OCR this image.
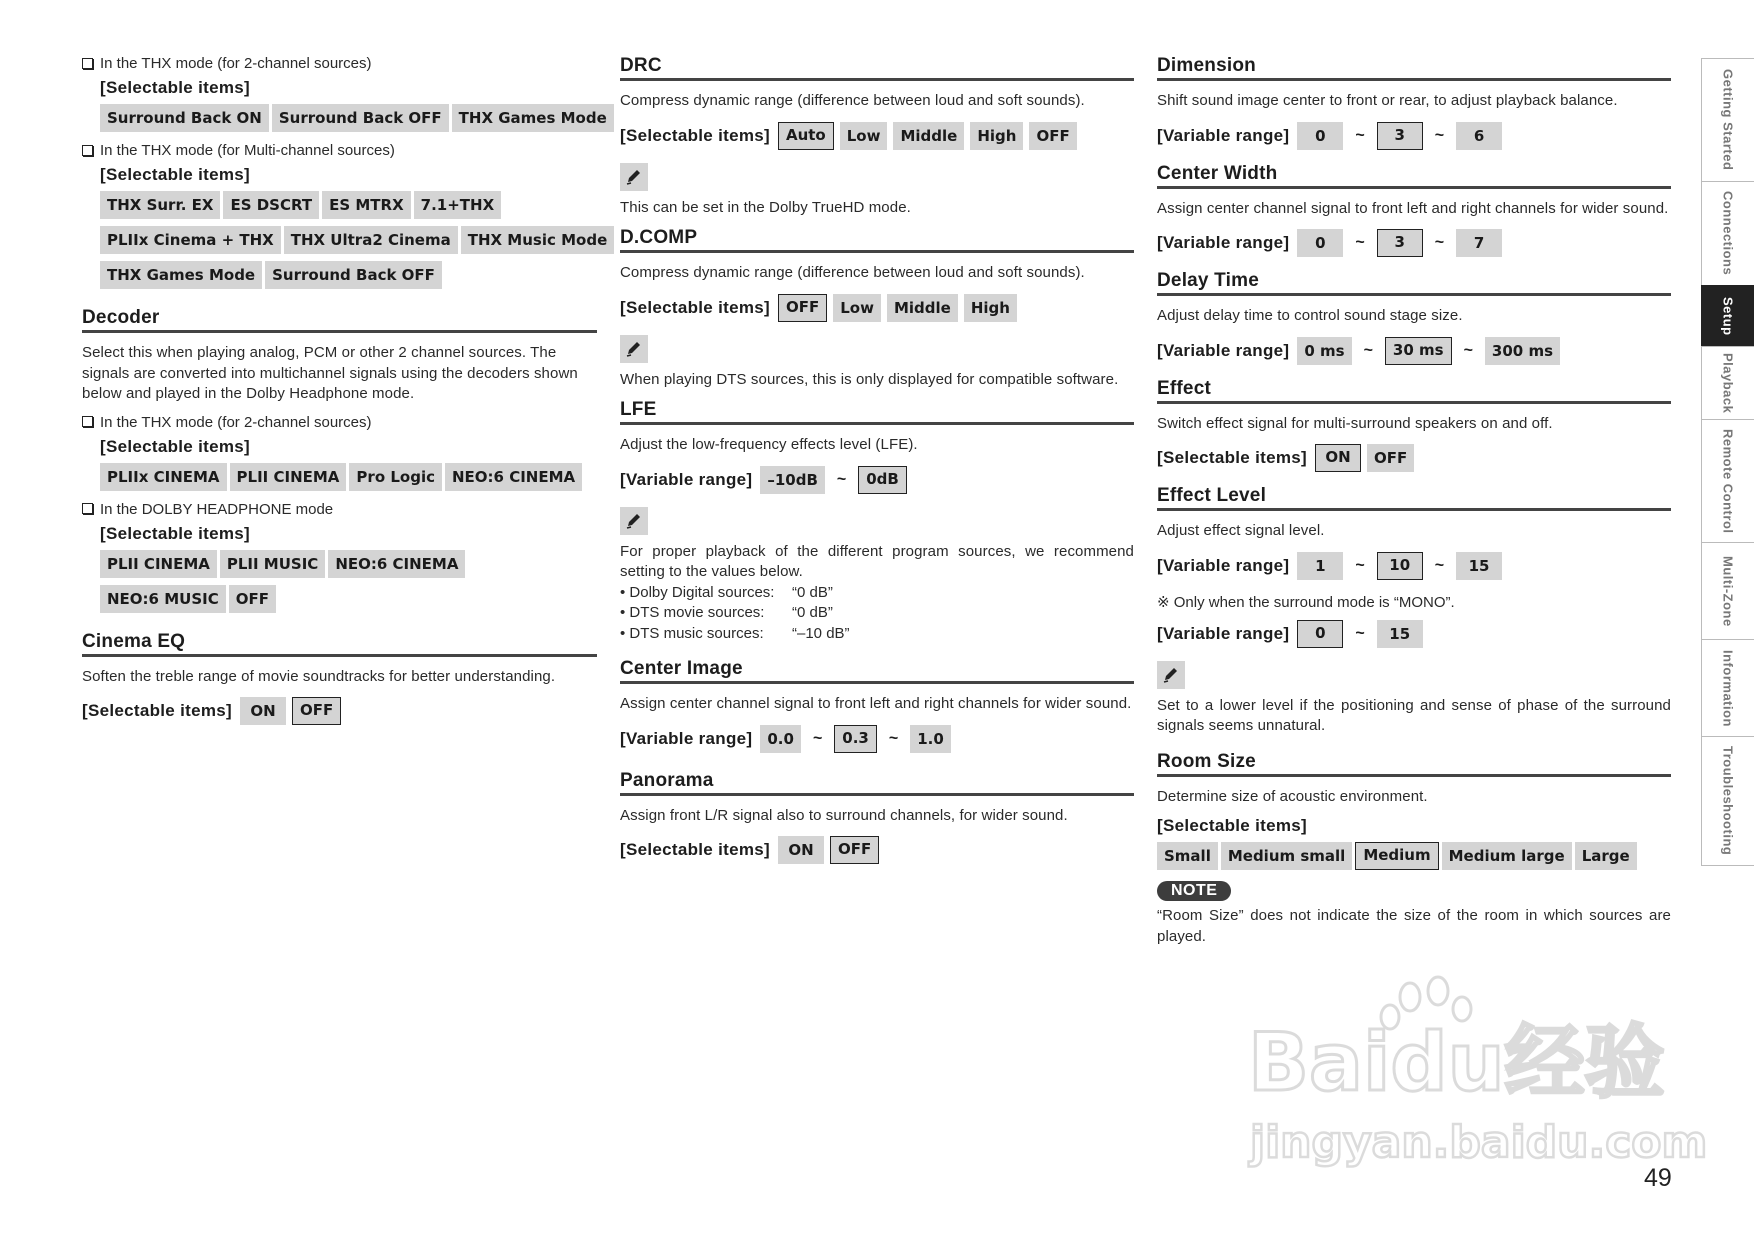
In the THX mode (for 2-channel sources)
[Selectable items]
Surround Back ON Surround Back OFF THX Games Mode
In the THX mode (for Multi-channel sources)
[Selectable items]
THX Surr. EX ES DSCRT ES MTRX 7.1+THX
PLIIx Cinema + THX THX Ultra2 Cinema THX Music Mode
THX Games Mode Surround Back OFF
Decoder
Select this when playing analog, PCM or other 2 channel sources. The signals are converted into multichannel signals using the decoders shown below and played in the Dolby Headphone mode.
In the THX mode (for 2-channel sources)
[Selectable items]
PLIIx CINEMA PLII CINEMA Pro Logic NEO:6 CINEMA
In the DOLBY HEADPHONE mode
[Selectable items]
PLII CINEMA PLII MUSIC NEO:6 CINEMA
NEO:6 MUSIC OFF
Cinema EQ
Soften the treble range of movie soundtracks for better understanding.
[Selectable items]	ON	OFF
DRC
Compress dynamic range (difference between loud and soft sounds).
[Selectable items]	Auto	Low	Middle	High	OFF
This can be set in the Dolby TrueHD mode.
D.COMP
Compress dynamic range (difference between loud and soft sounds).
[Selectable items]	OFF	Low	Middle	High
When playing DTS sources, this is only displayed for compatible software.
LFE
Adjust the low-frequency effects level (LFE).
[Variable range]	–10dB	~	0dB
For proper playback of the different program sources, we recommend setting to the values below.
• Dolby Digital sources: “0 dB”
• DTS movie sources: “0 dB”
• DTS music sources: “–10 dB”
Center Image
Assign center channel signal to front left and right channels for wider sound.
[Variable range]	0.0	~	0.3	~	1.0
Panorama
Assign front L/R signal also to surround channels, for wider sound.
[Selectable items]	ON	OFF
Dimension
Shift sound image center to front or rear, to adjust playback balance.
[Variable range]	0	~	3	~	6
Center Width
Assign center channel signal to front left and right channels for wider sound.
[Variable range]	0	~	3	~	7
Delay Time
Adjust delay time to control sound stage size.
[Variable range]	0 ms	~	30 ms	~	300 ms
Effect
Switch effect signal for multi-surround speakers on and off.
[Selectable items]	ON	OFF
Effect Level
Adjust effect signal level.
[Variable range]	1	~	10	~	15
※ Only when the surround mode is “MONO”.
[Variable range]	0	~	15
Set to a lower level if the positioning and sense of phase of the surround signals seems unnatural.
Room Size
Determine size of acoustic environment.
[Selectable items]
Small Medium small Medium Medium large Large
NOTE
“Room Size” does not indicate the size of the room in which sources are played.
Getting Started
Connections
Setup
Playback
Remote Control
Multi-Zone
Information
Troubleshooting
49
Baidu经验
jingyan.baidu.com
